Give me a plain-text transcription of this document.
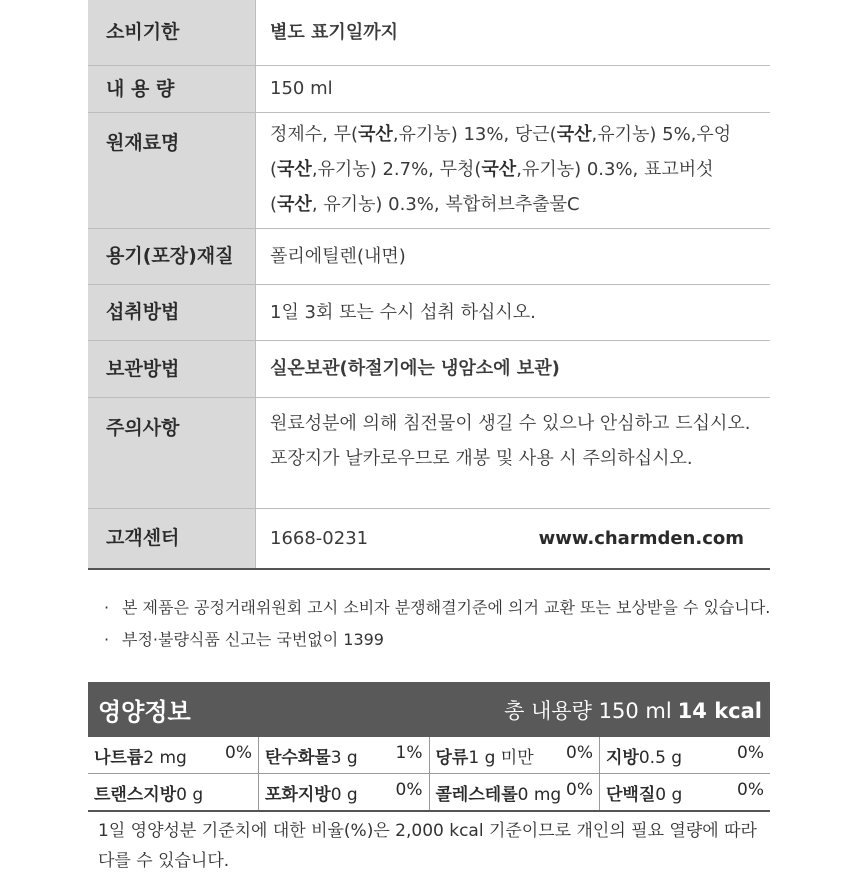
소비기한	별도 표기일까지
내 용 량	150 ml
원재료명	정제수, 무(국산,유기농) 13%, 당근(국산,유기농) 5%,우엉
(국산,유기농) 2.7%, 무청(국산,유기농) 0.3%, 표고버섯
(국산, 유기농) 0.3%, 복합허브추출물C
용기(포장)재질	폴리에틸렌(내면)
섭취방법	1일 3회 또는 수시 섭취 하십시오.
보관방법	실온보관(하절기에는 냉암소에 보관)
주의사항	원료성분에 의해 침전물이 생길 수 있으나 안심하고 드십시오.
포장지가 날카로우므로 개봉 및 사용 시 주의하십시오.
고객센터	1668-0231	www.charmden.com
· 본 제품은 공정거래위원회 고시 소비자 분쟁해결기준에 의거 교환 또는 보상받을 수 있습니다.
· 부정·불량식품 신고는 국번없이 1399
영양정보	총 내용량 150 ml 14 kcal
나트륨2 mg 0%	탄수화물3 g 1%	당류1 g 미만 0%	지방0.5 g 0%

트랜스지방0 g	포화지방0 g 0%	콜레스테롤0 mg 0%	단백질0 g 0%
1일 영양성분 기준치에 대한 비율(%)은 2,000 kcal 기준이므로 개인의 필요 열량에 따라 다를 수 있습니다.
